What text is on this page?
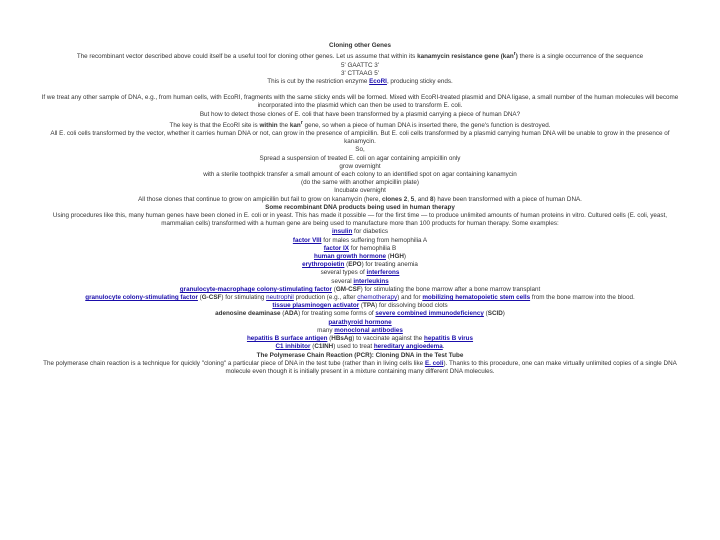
Cloning other Genes

The recombinant vector described above could itself be a useful tool for cloning other genes. Let us assume that within its kanamycin resistance gene (kan$^r$) there is a single occurrence of the sequence

5' GAATTC 3'

3' CTTAAG 5'

This is cut by the restriction enzyme EcoRI, producing sticky ends.

If we treat any other sample of DNA, e.g., from human cells, with EcoRI, fragments with the same sticky ends will be formed. Mixed with EcoRI-treated plasmid and DNA ligase, a small number of the human molecules will become incorporated into the plasmid which can then be used to transform E. coli.

But how to detect those clones of E. coli that have been transformed by a plasmid carrying a piece of human DNA?

The key is that the EcoRI site is within the kan$^r$ gene, so when a piece of human DNA is inserted there, the gene's function is destroyed.

All E. coli cells transformed by the vector, whether it carries human DNA or not, can grow in the presence of ampicillin. But E. coli cells transformed by a plasmid carrying human DNA will be unable to grow in the presence of kanamycin.

So,

Spread a suspension of treated E. coli on agar containing ampicillin only

grow overnight

with a sterile toothpick transfer a small amount of each colony to an identified spot on agar containing kanamycin

(do the same with another ampicillin plate)

Incubate overnight

All those clones that continue to grow on ampicillin but fail to grow on kanamycin (here, clones 2, 5, and 8) have been transformed with a piece of human DNA.

Some recombinant DNA products being used in human therapy

Using procedures like this, many human genes have been cloned in E. coli or in yeast. This has made it possible — for the first time — to produce unlimited amounts of human proteins in vitro. Cultured cells (E. coli, yeast, mammalian cells) transformed with a human gene are being used to manufacture more than 100 products for human therapy. Some examples:

insulin for diabetics

factor VIII for males suffering from hemophilia A

factor IX for hemophilia B

human growth hormone (HGH)

erythropoietin (EPO) for treating anemia

several types of interferons

several interleukins

granulocyte-macrophage colony-stimulating factor (GM-CSF) for stimulating the bone marrow after a bone marrow transplant

granulocyte colony-stimulating factor (G-CSF) for stimulating neutrophil production (e.g., after chemotherapy) and for mobilizing hematopoietic stem cells from the bone marrow into the blood.

tissue plasminogen activator (TPA) for dissolving blood clots

adenosine deaminase (ADA) for treating some forms of severe combined immunodeficiency (SCID)

parathyroid hormone

many monoclonal antibodies

hepatitis B surface antigen (HBsAg) to vaccinate against the hepatitis B virus

C1 inhibitor (C1INH) used to treat hereditary angioedema.

The Polymerase Chain Reaction (PCR): Cloning DNA in the Test Tube

The polymerase chain reaction is a technique for quickly "cloning" a particular piece of DNA in the test tube (rather than in living cells like E. coli). Thanks to this procedure, one can make virtually unlimited copies of a single DNA molecule even though it is initially present in a mixture containing many different DNA molecules.
